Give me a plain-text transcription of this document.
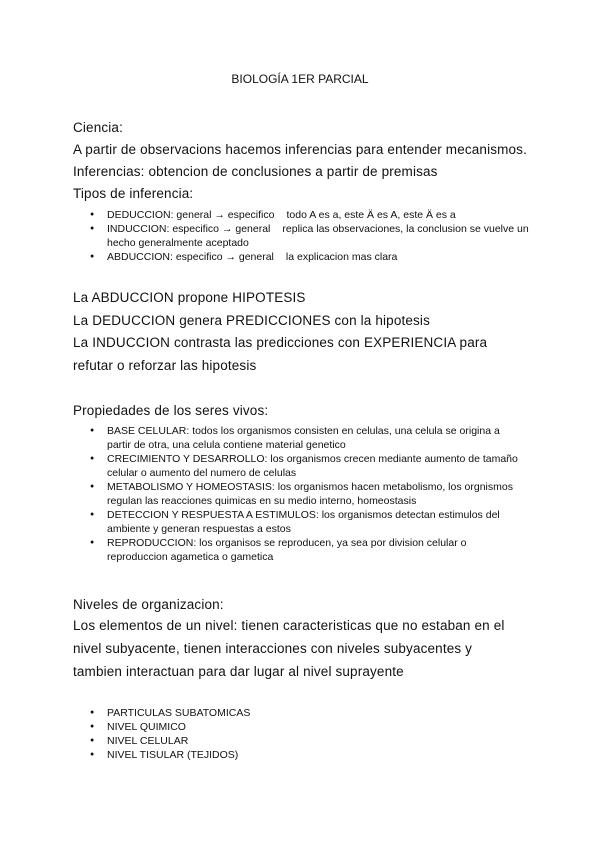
BIOLOGÍA 1ER PARCIAL
Ciencia:
A partir de observacions hacemos inferencias para entender mecanismos.
Inferencias: obtencion de conclusiones a partir de premisas
Tipos de inferencia:
● DEDUCCION: general → especifico todo A es a, este Ä es A, este Ä es a
● INDUCCION: especifico → general replica las observaciones, la conclusion se vuelve un hecho generalmente aceptado
● ABDUCCION: especifico → general la explicacion mas clara
La ABDUCCION propone HIPOTESIS
La DEDUCCION genera PREDICCIONES con la hipotesis
La INDUCCION contrasta las predicciones con EXPERIENCIA para refutar o reforzar las hipotesis
Propiedades de los seres vivos:
● BASE CELULAR: todos los organismos consisten en celulas, una celula se origina a partir de otra, una celula contiene material genetico
● CRECIMIENTO Y DESARROLLO: los organismos crecen mediante aumento de tamaño celular o aumento del numero de celulas
● METABOLISMO Y HOMEOSTASIS: los organismos hacen metabolismo, los orgnismos regulan las reacciones quimicas en su medio interno, homeostasis
● DETECCION Y RESPUESTA A ESTIMULOS: los organismos detectan estimulos del ambiente y generan respuestas a estos
● REPRODUCCION: los organisos se reproducen, ya sea por division celular o reproduccion agametica o gametica
Niveles de organizacion:
Los elementos de un nivel: tienen caracteristicas que no estaban en el nivel subyacente, tienen interacciones con niveles subyacentes y tambien interactuan para dar lugar al nivel suprayente
● PARTICULAS SUBATOMICAS
● NIVEL QUIMICO
● NIVEL CELULAR
● NIVEL TISULAR (TEJIDOS)
